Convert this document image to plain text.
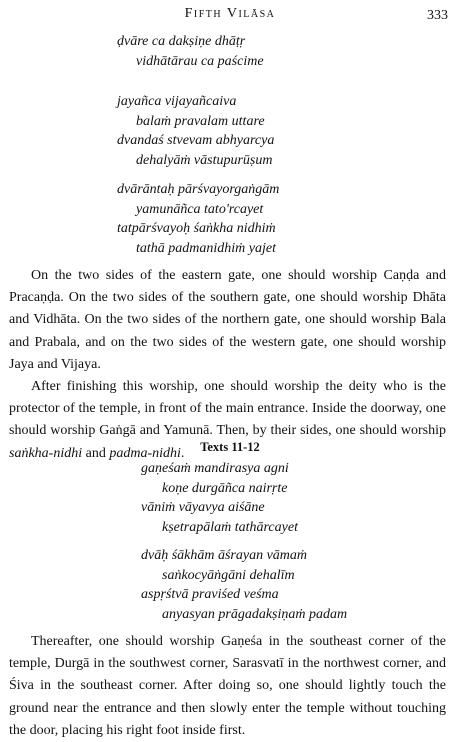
Fifth Vilāsa	333
ḍvāre ca dakṣiṇe dhāṭṛ
vidhātārau ca paścime
jayañca vijayañcaiva
balaṁ pravalam uttare
dvandaś stvevam abhyarcya
dehalyāṁ vāstupurūṣum
dvārāntaḥ pārśvayorgaṅgām
yamunāñca tato'rcayet
tatpārśvayoḥ śaṅkha nidhiṁ
tathā padmanidhiṁ yajet

On the two sides of the eastern gate, one should worship Caṇḍa and Pracaṇḍa. On the two sides of the southern gate, one should worship Dhāta and Vidhāta. On the two sides of the northern gate, one should worship Bala and Prabala, and on the two sides of the western gate, one should worship Jaya and Vijaya.

After finishing this worship, one should worship the deity who is the protector of the temple, in front of the main entrance. Inside the doorway, one should worship Gaṅgā and Yamunā. Then, by their sides, one should worship saṅkha-nidhi and padma-nidhi.	Texts 11-12
gaṇeśaṁ mandirasya agni
koṇe durgāñca nairṛte
vāniṁ vāyavya aiśāne
kṣetrapālaṁ tathārcayet
dvāḥ śākhām āśrayan vāmaṁ
saṅkocyāṅgāni dehalīm
aspṛśtvā praviśed veśma
anyasyan prāgadakṣiṇaṁ padam

Thereafter, one should worship Gaṇeśa in the southeast corner of the temple, Durgā in the southwest corner, Sarasvatī in the northwest corner, and Śiva in the southeast corner. After doing so, one should lightly touch the ground near the entrance and then slowly enter the temple without touching the door, placing his right foot inside first.
